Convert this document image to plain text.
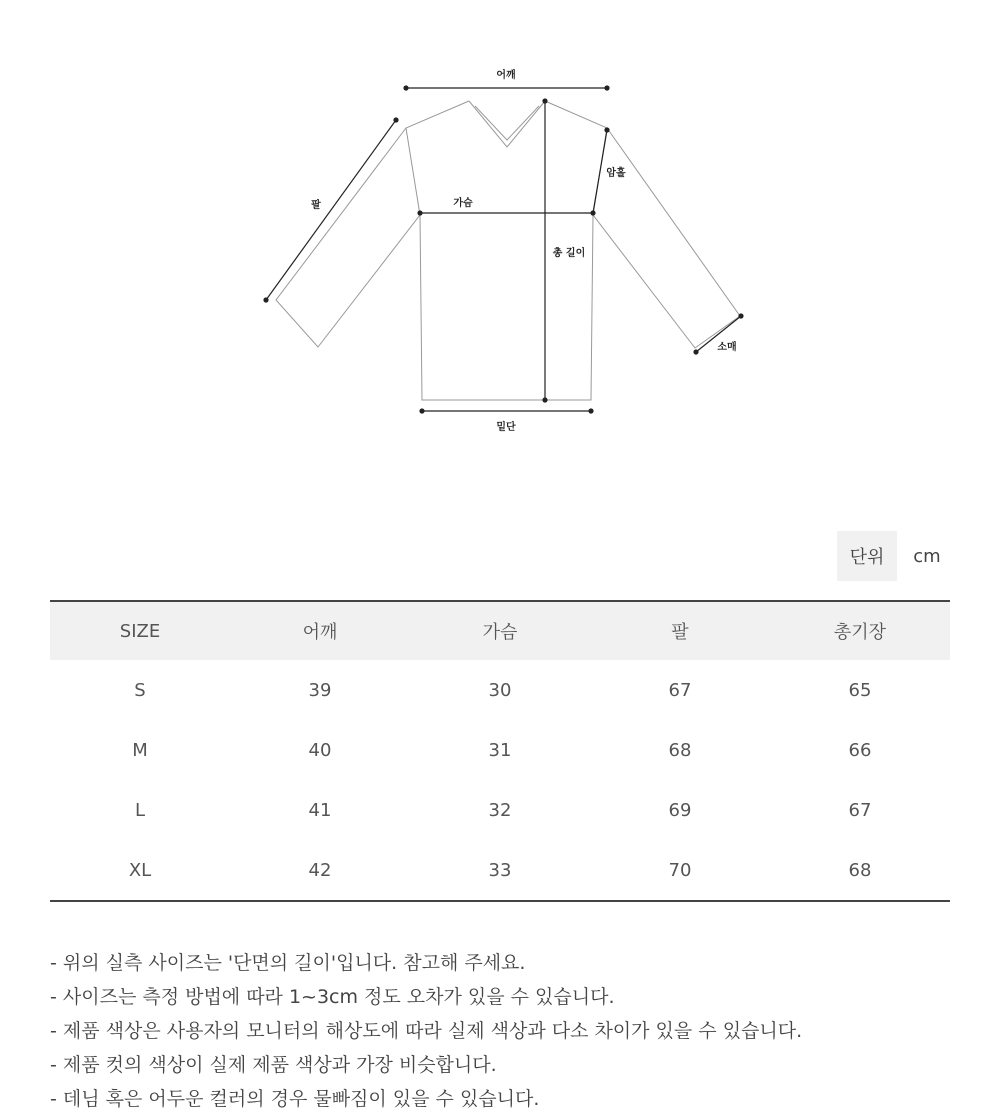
어깨
팔	가슴
암홀
총 길이
소매
밑단
단위	cm
SIZE	어깨	가슴	팔	총기장
S	39	30	67	65
M	40	31	68	66
L	41	32	69	67
XL	42	33	70	68
- 위의 실측 사이즈는 '단면의 길이'입니다. 참고해 주세요.
- 사이즈는 측정 방법에 따라 1~3cm 정도 오차가 있을 수 있습니다.
- 제품 색상은 사용자의 모니터의 해상도에 따라 실제 색상과 다소 차이가 있을 수 있습니다.
- 제품 컷의 색상이 실제 제품 색상과 가장 비슷합니다.
- 데님 혹은 어두운 컬러의 경우 물빠짐이 있을 수 있습니다.
